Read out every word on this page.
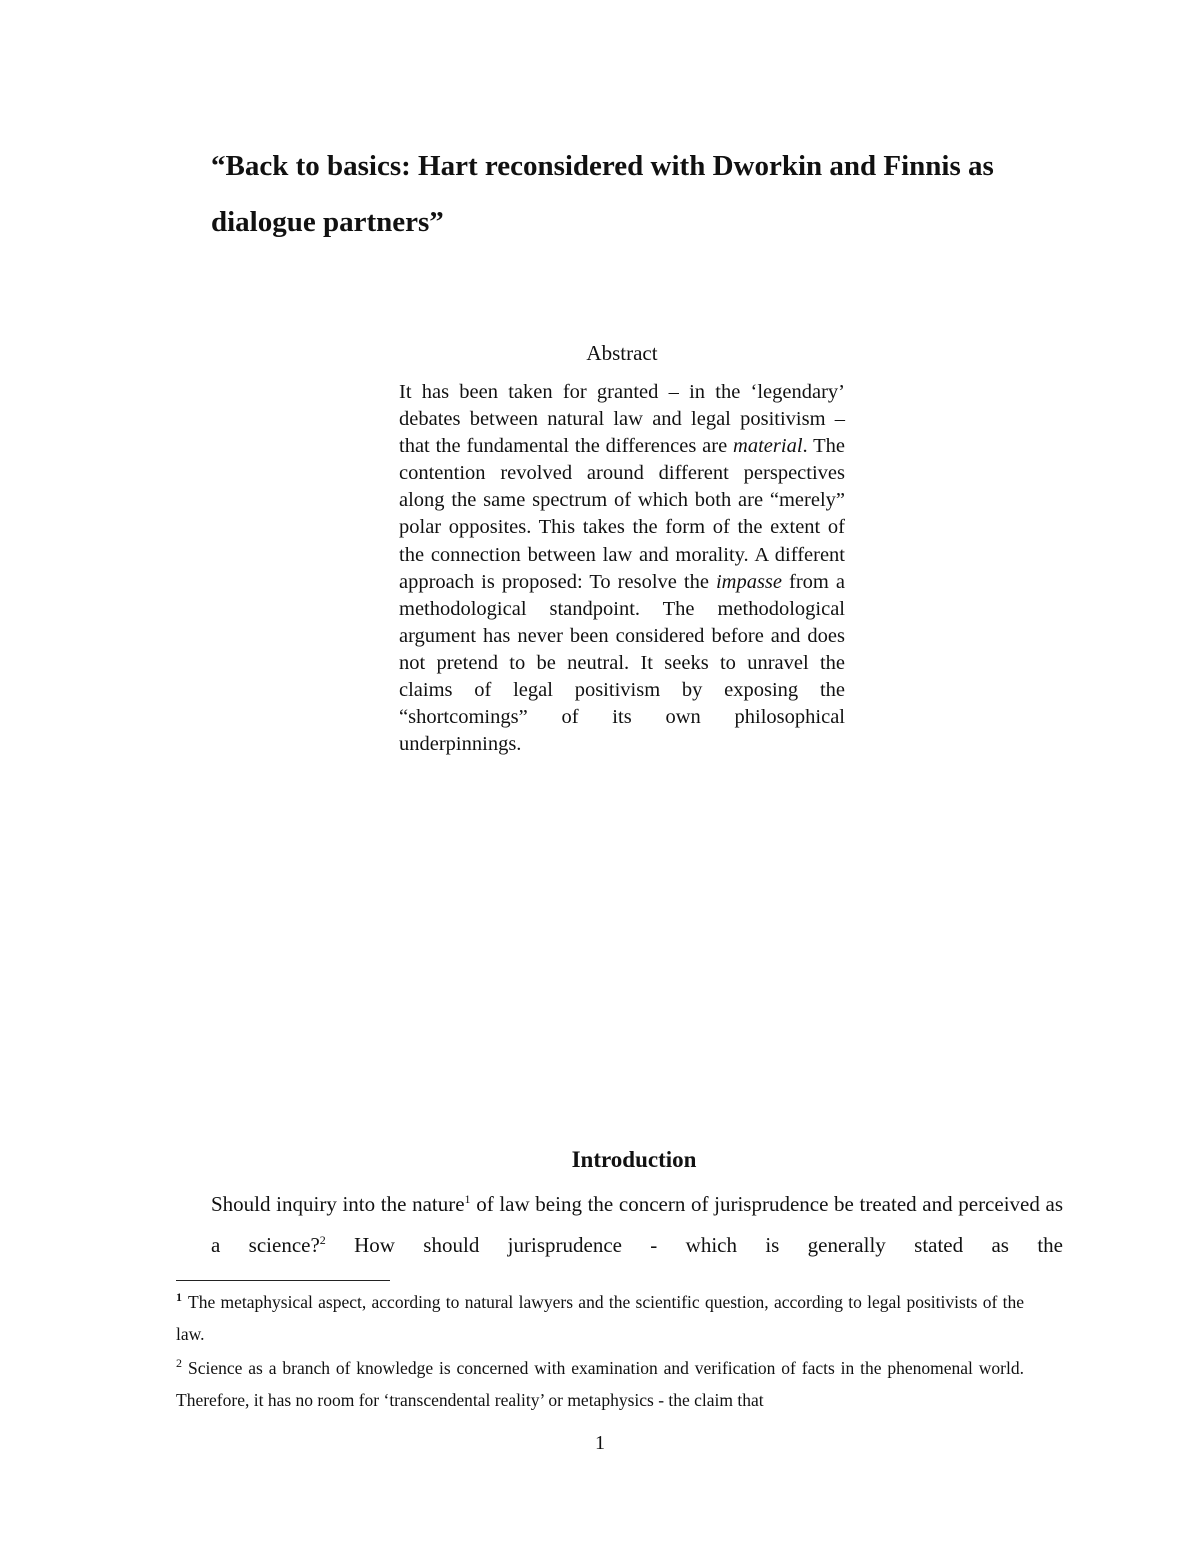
“Back to basics: Hart reconsidered with Dworkin and Finnis as dialogue partners”
Abstract

It has been taken for granted – in the ‘legendary’ debates between natural law and legal positivism – that the fundamental the differences are material. The contention revolved around different perspectives along the same spectrum of which both are “merely” polar opposites. This takes the form of the extent of the connection between law and morality. A different approach is proposed: To resolve the impasse from a methodological standpoint. The methodological argument has never been considered before and does not pretend to be neutral. It seeks to unravel the claims of legal positivism by exposing the “shortcomings” of its own philosophical underpinnings.

Introduction

Should inquiry into the nature$^1$ of law being the concern of jurisprudence be treated and perceived as a science?$^2$ How should jurisprudence - which is generally stated as the

$^1$ The metaphysical aspect, according to natural lawyers and the scientific question, according to legal positivists of the law.

$^2$ Science as a branch of knowledge is concerned with examination and verification of facts in the phenomenal world. Therefore, it has no room for ‘transcendental reality’ or metaphysics - the claim that

1
